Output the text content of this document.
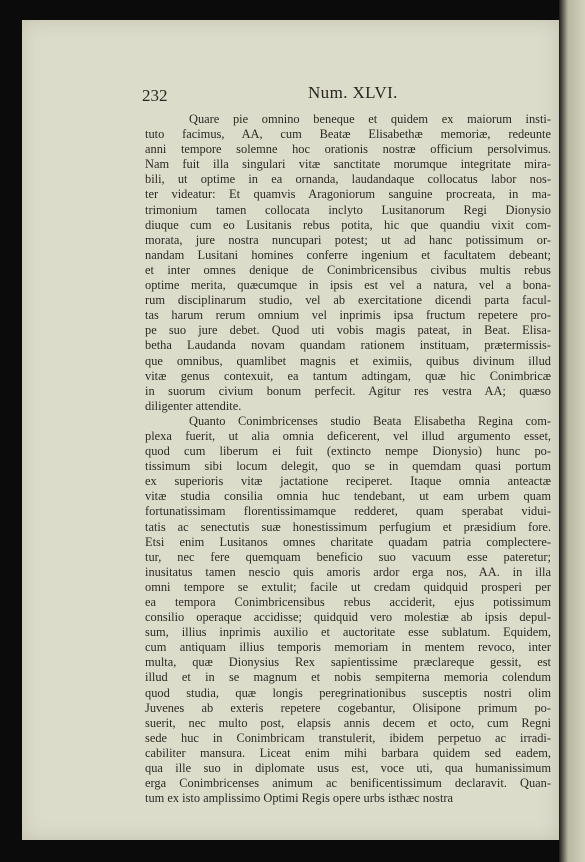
232	Num. XLVI.
Quare pie omnino beneque et quidem ex maiorum insti-
tuto facimus, AA, cum Beatæ Elisabethæ memoriæ, redeunte
anni tempore solemne hoc orationis nostræ officium persolvimus.
Nam fuit illa singulari vitæ sanctitate morumque integritate mira-
bili, ut optime in ea ornanda, laudandaque collocatus labor nos-
ter videatur: Et quamvis Aragoniorum sanguine procreata, in ma-
trimonium tamen collocata inclyto Lusitanorum Regi Dionysio
diuque cum eo Lusitanis rebus potita, hic que quandiu vixit com-
morata, jure nostra nuncupari potest; ut ad hanc potissimum or-
nandam Lusitani homines conferre ingenium et facultatem debeant;
et inter omnes denique de Conimbricensibus civibus multis rebus
optime merita, quæcumque in ipsis est vel a natura, vel a bona-
rum disciplinarum studio, vel ab exercitatione dicendi parta facul-
tas harum rerum omnium vel inprimis ipsa fructum repetere pro-
pe suo jure debet. Quod uti vobis magis pateat, in Beat. Elisa-
betha Laudanda novam quandam rationem instituam, prætermissis-
que omnibus, quamlibet magnis et eximiis, quibus divinum illud
vitæ genus contexuit, ea tantum adtingam, quæ hic Conimbricæ
in suorum civium bonum perfecit. Agitur res vestra AA; quæso
diligenter attendite.
Quanto Conimbricenses studio Beata Elisabetha Regina com-
plexa fuerit, ut alia omnia deficerent, vel illud argumento esset,
quod cum liberum ei fuit (extincto nempe Dionysio) hunc po-
tissimum sibi locum delegit, quo se in quemdam quasi portum
ex superioris vitæ jactatione reciperet. Itaque omnia anteactæ
vitæ studia consilia omnia huc tendebant, ut eam urbem quam
fortunatissimam florentissimamque redderet, quam sperabat viduі-
tatis ac senectutis suæ honestissimum perfugium et præsidium fore.
Etsi enim Lusitanos omnes charitate quadam patria complectere-
tur, nec fere quemquam beneficio suo vacuum esse pateretur;
inusitatus tamen nescio quis amoris ardor erga nos, AA. in illa
omni tempore se extulit; facile ut credam quidquid prosperi per
ea tempora Conimbricensibus rebus acciderit, ejus potissimum
consilio operaque accidisse; quidquid vero molestiæ ab ipsis depul-
sum, illius inprimis auxilio et auctoritate esse sublatum. Equidem,
cum antiquam illius temporis memoriam in mentem revoco, inter
multa, quæ Dionysius Rex sapientissime præclareque gessit, est
illud et in se magnum et nobis sempiterna memoria colendum
quod studia, quæ longis peregrinationibus susceptis nostri olim
Juvenes ab exteris repetere cogebantur, Olisipone primum po-
suerit, nec multo post, elapsis annis decem et octo, cum Regni
sede huc in Conimbricam transtulerit, ibidem perpetuo ac irradi-
cabiliter mansura. Liceat enim mihi barbara quidem sed eadem,
qua ille suo in diplomate usus est, voce uti, qua humanissimum
erga Conimbricenses animum ac benificentissimum declaravit. Quan-
tum ex isto amplissimo Optimi Regis opere urbs isthæc nostra
